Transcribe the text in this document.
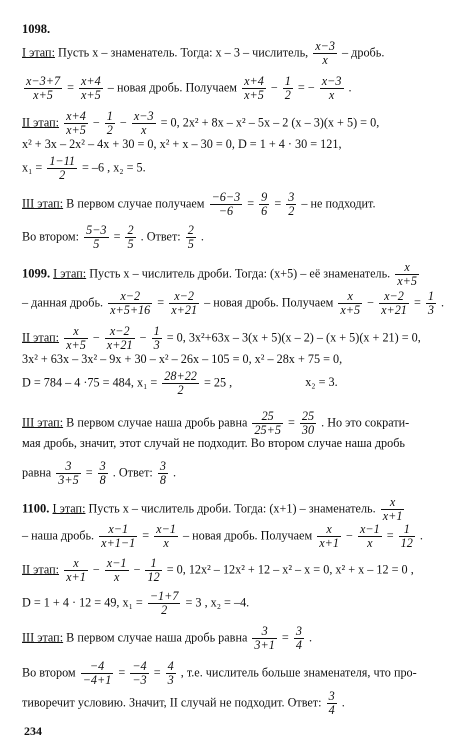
1098.
I этап: Пусть x – знаменатель. Тогда: x – 3 – числитель, $\frac{x-3}{x}$ – дробь.
$\frac{x-3+7}{x+5} = \frac{x+4}{x+5}$ – новая дробь. Получаем $\frac{x+4}{x+5} - \frac{1}{2}$ = − $\frac{x-3}{x}$ .
II этап: $\frac{x+4}{x+5} - \frac{1}{2} - \frac{x-3}{x} = 0$, 2x² + 8x – x² – 5x – 2 (x – 3)(x + 5) = 0,
x² + 3x – 2x² – 4x + 30 = 0, x² + x – 30 = 0, D = 1 + 4 · 30 = 121,
$x_1 = \frac{1-11}{2} = -6$ , x₂ = 5.
III этап: В первом случае получаем $\frac{-6-3}{-6} = \frac{9}{6} = \frac{3}{2}$ – не подходит.
Во втором: $\frac{5-3}{5} = \frac{2}{5}$ . Ответ: $\frac{2}{5}$ .
1099. I этап: Пусть x – числитель дроби. Тогда: (x+5) – её знаменатель. $\frac{x}{x+5}$
– данная дробь. $\frac{x-2}{x+5+16} = \frac{x-2}{x+21}$ – новая дробь. Получаем $\frac{x}{x+5} - \frac{x-2}{x+21} = \frac{1}{3}$ .
II этап: $\frac{x}{x+5} - \frac{x-2}{x+21} - \frac{1}{3} = 0$, 3x²+63x – 3(x + 5)(x – 2) – (x + 5)(x + 21) = 0,
3x² + 63x – 3x² – 9x + 30 – x² – 26x – 105 = 0, x² – 28x + 75 = 0,
D = 784 – 4 ·75 = 484, $x_1 = \frac{28+22}{2} = 25$ ,	x₂ = 3.
III этап: В первом случае наша дробь равна $\frac{25}{25+5} = \frac{25}{30}$ . Но это сократи-
мая дробь, значит, этот случай не подходит. Во втором случае наша дробь
равна $\frac{3}{3+5} = \frac{3}{8}$ . Ответ: $\frac{3}{8}$ .
1100. I этап: Пусть x – числитель дроби. Тогда: (x+1) – знаменатель. $\frac{x}{x+1}$
– наша дробь. $\frac{x-1}{x+1-1} = \frac{x-1}{x}$ – новая дробь. Получаем $\frac{x}{x+1} - \frac{x-1}{x} = \frac{1}{12}$ .
II этап: $\frac{x}{x+1} - \frac{x-1}{x} - \frac{1}{12} = 0$, 12x² – 12x² + 12 – x² – x = 0, x² + x – 12 = 0 ,
D = 1 + 4 · 12 = 49, $x_1 = \frac{-1+7}{2} = 3$ , x₂ = –4.
III этап: В первом случае наша дробь равна $\frac{3}{3+1} = \frac{3}{4}$ .
Во втором $\frac{-4}{-4+1} = \frac{-4}{-3} = \frac{4}{3}$ , т.е. числитель больше знаменателя, что про-
тиворечит условию. Значит, II случай не подходит. Ответ: $\frac{3}{4}$ .
234
